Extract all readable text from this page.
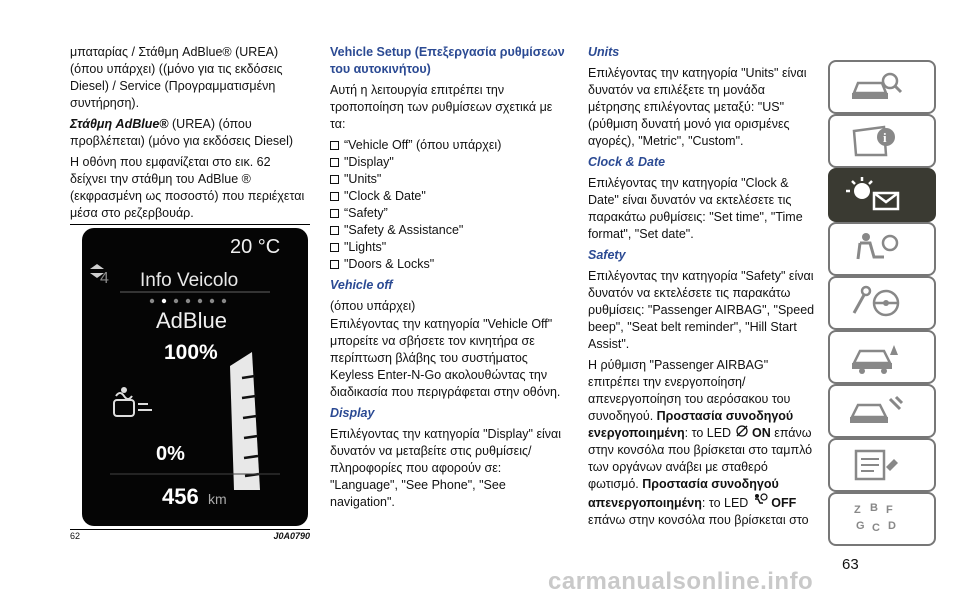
μπαταρίας / Στάθμη AdBlue® (UREA) (όπου υπάρχει) ((μόνο για τις εκδόσεις Diesel) / Service (Προγραμματισμένη συντήρηση).

Στάθμη AdBlue® (UREA) (όπου προβλέπεται) (μόνο για εκδόσεις Diesel)

Η οθόνη που εμφανίζεται στο εικ. 62 δείχνει την στάθμη του AdBlue ® (εκφρασμένη ως ποσοστό) που περιέχεται μέσα στο ρεζερβουάρ.

20 °C
4 Info Veicolo
AdBlue
100%
0%
456 km
62	J0A0790

Vehicle Setup (Επεξεργασία ρυθμίσεων του αυτοκινήτου)

Αυτή η λειτουργία επιτρέπει την τροποποίηση των ρυθμίσεων σχετικά με τα:

“Vehicle Off” (όπου υπάρχει)
"Display"
"Units"
"Clock & Date"
“Safety”
"Safety & Assistance"
"Lights"
"Doors & Locks"

Vehicle off

(όπου υπάρχει)

Επιλέγοντας την κατηγορία "Vehicle Off" μπορείτε να σβήσετε τον κινητήρα σε περίπτωση βλάβης του συστήματος Keyless Enter-N-Go ακολουθώντας την διαδικασία που περιγράφεται στην οθόνη.

Display

Επιλέγοντας την κατηγορία "Display" είναι δυνατόν να μεταβείτε στις ρυθμίσεις/πληροφορίες που αφορούν σε: "Language", "See Phone", "See navigation".

Units

Επιλέγοντας την κατηγορία "Units" είναι δυνατόν να επιλέξετε τη μονάδα μέτρησης επιλέγοντας μεταξύ: "US" (ρύθμιση δυνατή μονό για ορισμένες αγορές), "Metric", "Custom".

Clock & Date

Επιλέγοντας την κατηγορία "Clock & Date" είναι δυνατόν να εκτελέσετε τις παρακάτω ρυθμίσεις: "Set time", "Time format", "Set date".

Safety

Επιλέγοντας την κατηγορία "Safety" είναι δυνατόν να εκτελέσετε τις παρακάτω ρυθμίσεις: "Passenger AIRBAG", "Speed beep", "Seat belt reminder", "Hill Start Assist".

Η ρύθμιση "Passenger AIRBAG" επιτρέπει την ενεργοποίηση/απενεργοποίηση του αερόσακου του συνοδηγού. Προστασία συνοδηγού ενεργοποιημένη: το LED  ON επάνω στην κονσόλα που βρίσκεται στο ταμπλό των οργάνων ανάβει με σταθερό φωτισμό. Προστασία συνοδηγού απενεργοποιημένη: το LED  OFF επάνω στην κονσόλα που βρίσκεται στο

i
Z B F
G C D
63
carmanualsonline.info
